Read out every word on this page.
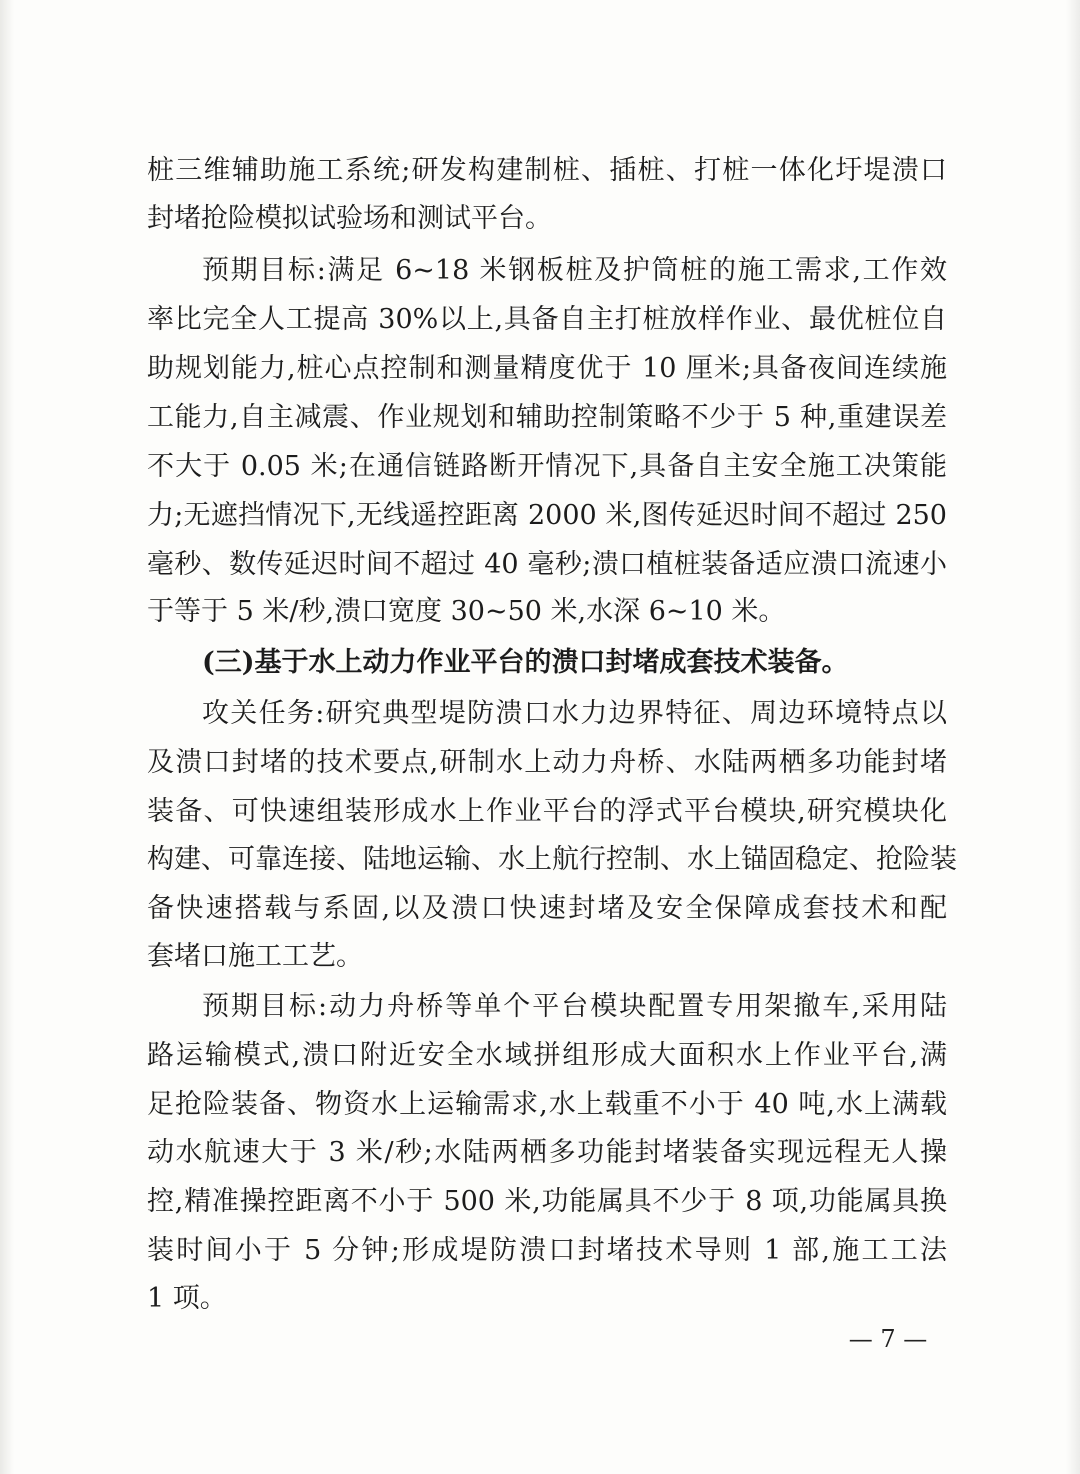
桩三维辅助施工系统;研发构建制桩、插桩、打桩一体化圩堤溃口
封堵抢险模拟试验场和测试平台。
预期目标:满足 6~18 米钢板桩及护筒桩的施工需求,工作效
率比完全人工提高 30%以上,具备自主打桩放样作业、最优桩位自
助规划能力,桩心点控制和测量精度优于 10 厘米;具备夜间连续施
工能力,自主减震、作业规划和辅助控制策略不少于 5 种,重建误差
不大于 0.05 米;在通信链路断开情况下,具备自主安全施工决策能
力;无遮挡情况下,无线遥控距离 2000 米,图传延迟时间不超过 250
毫秒、数传延迟时间不超过 40 毫秒;溃口植桩装备适应溃口流速小
于等于 5 米/秒,溃口宽度 30~50 米,水深 6~10 米。
(三)基于水上动力作业平台的溃口封堵成套技术装备。
攻关任务:研究典型堤防溃口水力边界特征、周边环境特点以
及溃口封堵的技术要点,研制水上动力舟桥、水陆两栖多功能封堵
装备、可快速组装形成水上作业平台的浮式平台模块,研究模块化
构建、可靠连接、陆地运输、水上航行控制、水上锚固稳定、抢险装
备快速搭载与系固,以及溃口快速封堵及安全保障成套技术和配
套堵口施工工艺。
预期目标:动力舟桥等单个平台模块配置专用架撤车,采用陆
路运输模式,溃口附近安全水域拼组形成大面积水上作业平台,满
足抢险装备、物资水上运输需求,水上载重不小于 40 吨,水上满载
动水航速大于 3 米/秒;水陆两栖多功能封堵装备实现远程无人操
控,精准操控距离不小于 500 米,功能属具不少于 8 项,功能属具换
装时间小于 5 分钟;形成堤防溃口封堵技术导则 1 部,施工工法
1 项。
— 7 —
